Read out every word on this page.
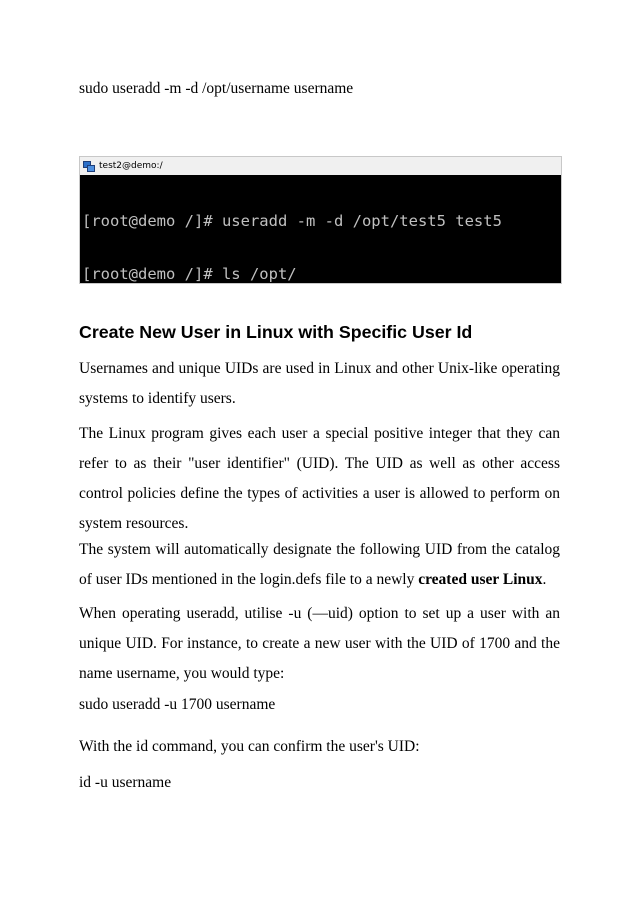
sudo useradd -m -d /opt/username username
test2@demo:/

[root@demo /]# useradd -m -d /opt/test5 test5

[root@demo /]# ls /opt/

Create New User in Linux with Specific User Id
Usernames and unique UIDs are used in Linux and other Unix-like operating systems to identify users.
The Linux program gives each user a special positive integer that they can refer to as their "user identifier" (UID). The UID as well as other access control policies define the types of activities a user is allowed to perform on system resources.
The system will automatically designate the following UID from the catalog of user IDs mentioned in the login.defs file to a newly created user Linux.
When operating useradd, utilise -u (—uid) option to set up a user with an unique UID. For instance, to create a new user with the UID of 1700 and the name username, you would type:
sudo useradd -u 1700 username
With the id command, you can confirm the user's UID:
id -u username
